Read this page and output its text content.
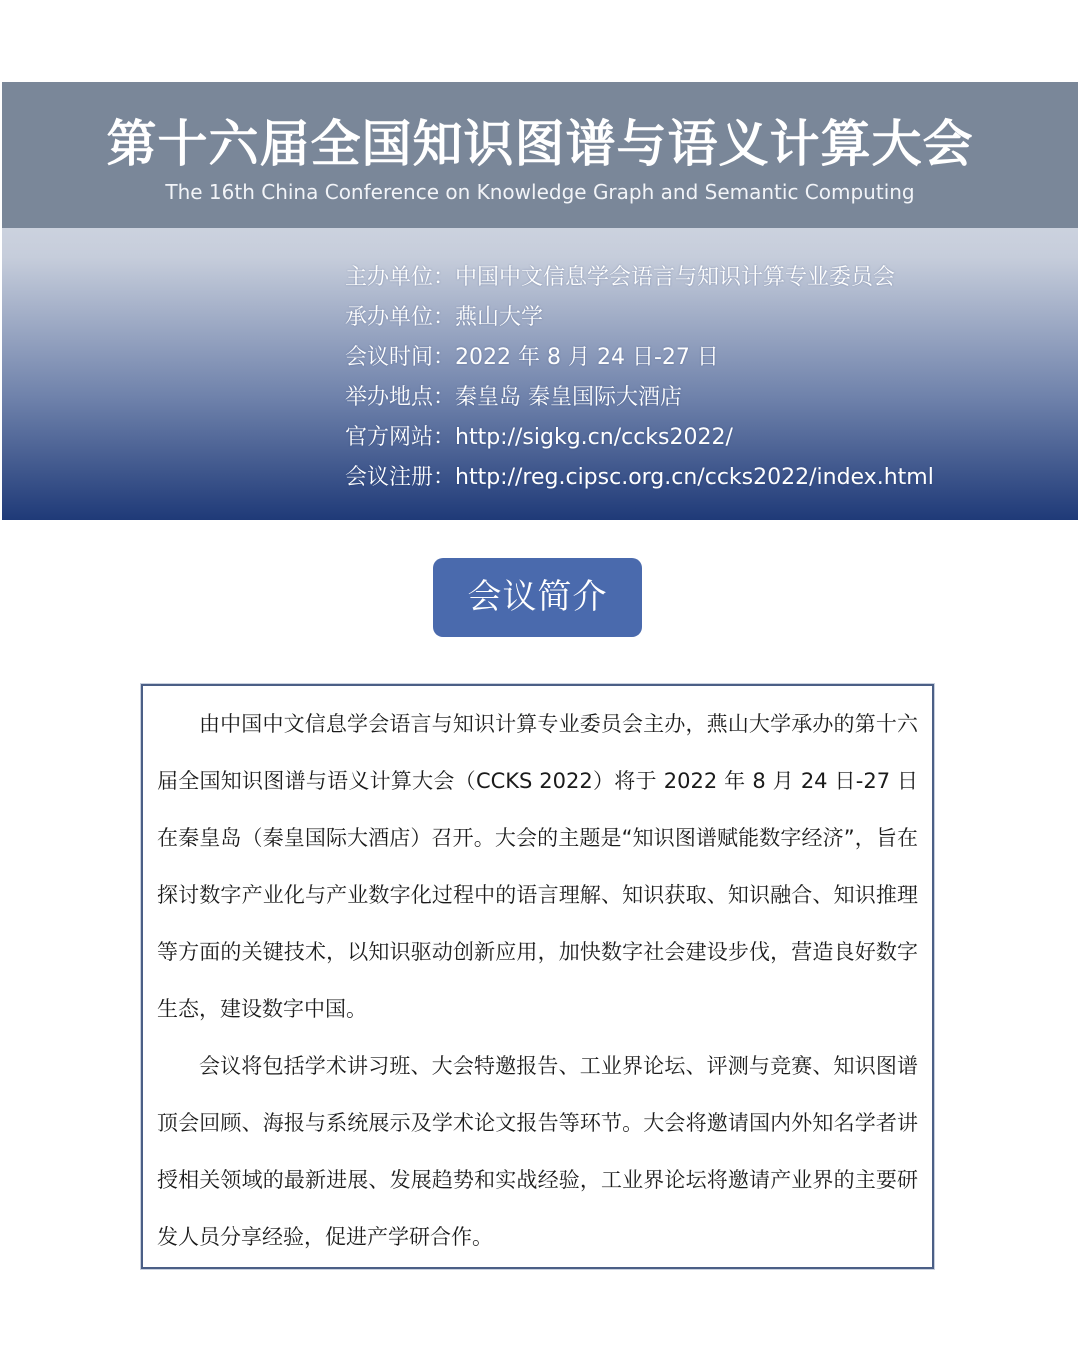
第十六届全国知识图谱与语义计算大会
The 16th China Conference on Knowledge Graph and Semantic Computing
主办单位：中国中文信息学会语言与知识计算专业委员会
承办单位：燕山大学
会议时间：2022 年 8 月 24 日-27 日
举办地点：秦皇岛 秦皇国际大酒店
官方网站：http://sigkg.cn/ccks2022/
会议注册：http://reg.cipsc.org.cn/ccks2022/index.html
会议简介

由中国中文信息学会语言与知识计算专业委员会主办，燕山大学承办的第十六届全国知识图谱与语义计算大会（CCKS 2022）将于 2022 年 8 月 24 日-27 日在秦皇岛（秦皇国际大酒店）召开。大会的主题是“知识图谱赋能数字经济”，旨在探讨数字产业化与产业数字化过程中的语言理解、知识获取、知识融合、知识推理等方面的关键技术，以知识驱动创新应用，加快数字社会建设步伐，营造良好数字生态，建设数字中国。

会议将包括学术讲习班、大会特邀报告、工业界论坛、评测与竞赛、知识图谱顶会回顾、海报与系统展示及学术论文报告等环节。大会将邀请国内外知名学者讲授相关领域的最新进展、发展趋势和实战经验，工业界论坛将邀请产业界的主要研发人员分享经验，促进产学研合作。
